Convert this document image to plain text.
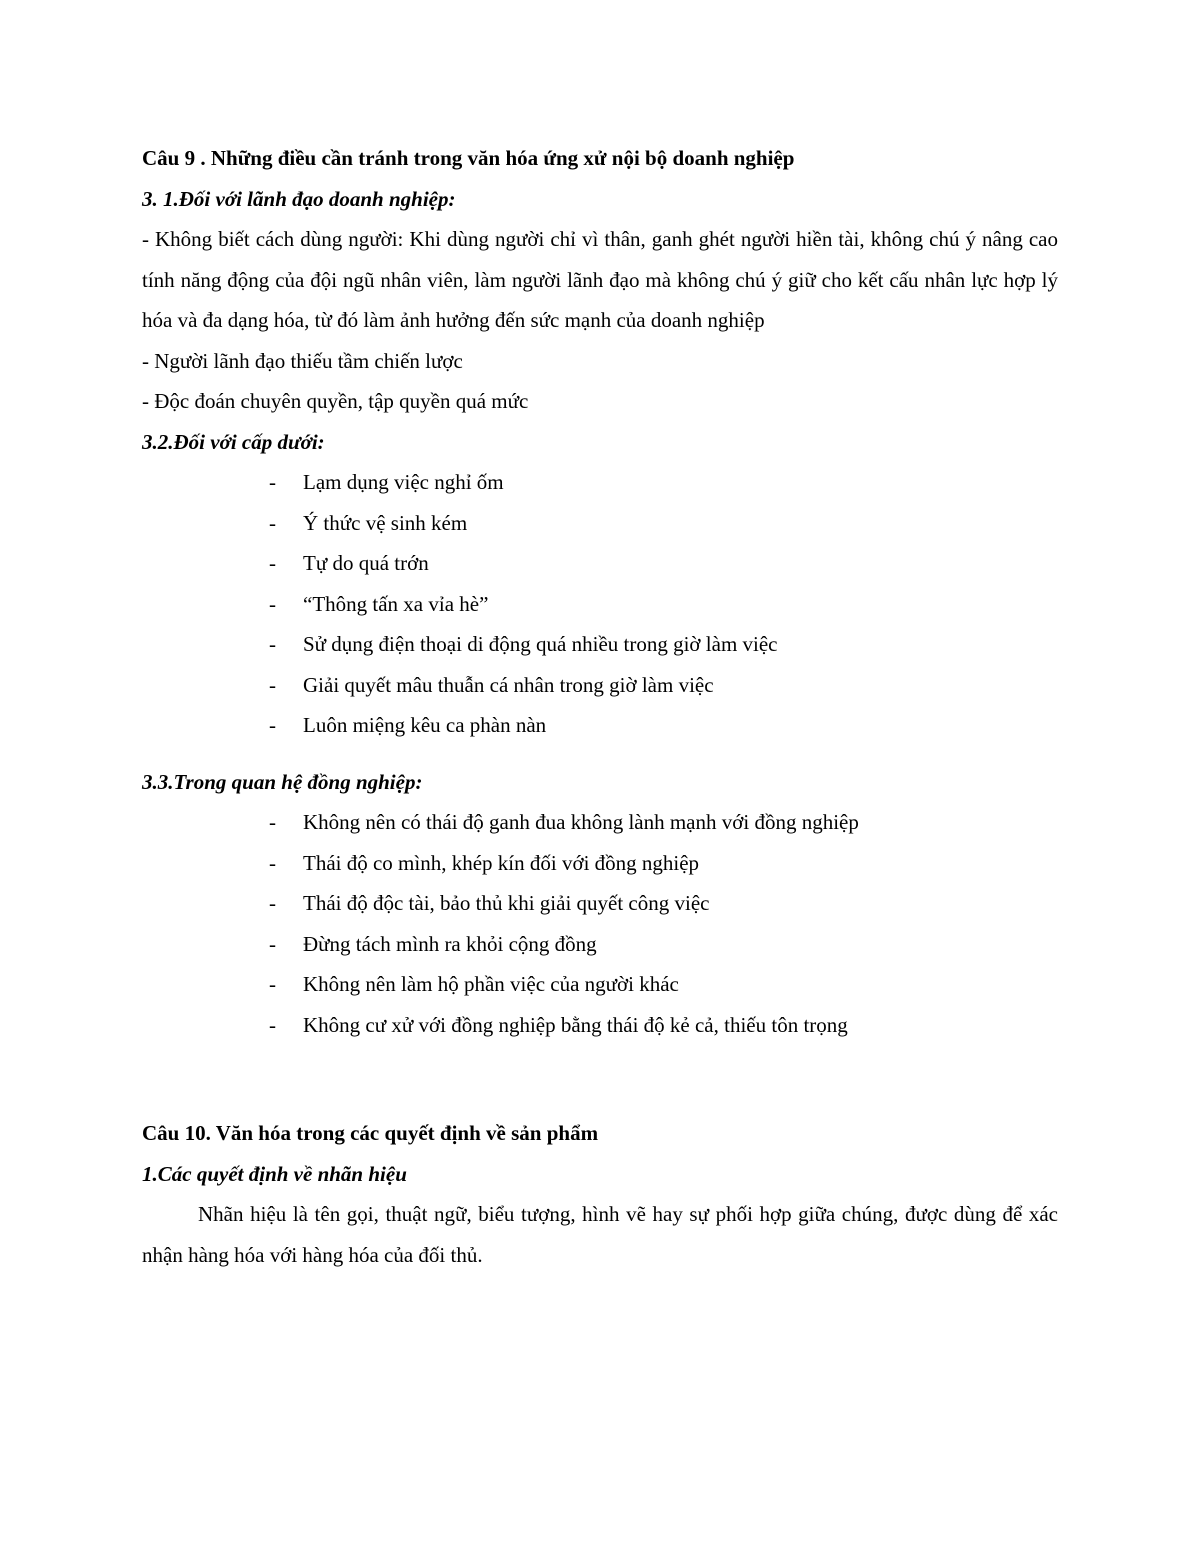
Câu 9 . Những điều cần tránh trong văn hóa ứng xử nội bộ doanh nghiệp

3. 1.Đối với lãnh đạo doanh nghiệp:

- Không biết cách dùng người: Khi dùng người chỉ vì thân, ganh ghét người hiền tài, không chú ý nâng cao tính năng động của đội ngũ nhân viên, làm người lãnh đạo mà không chú ý giữ cho kết cấu nhân lực hợp lý hóa và đa dạng hóa, từ đó làm ảnh hưởng đến sức mạnh của doanh nghiệp

- Người lãnh đạo thiếu tầm chiến lược

- Độc đoán chuyên quyền, tập quyền quá mức

3.2.Đối với cấp dưới:

- Lạm dụng việc nghỉ ốm
- Ý thức vệ sinh kém
- Tự do quá trớn
- “Thông tấn xa vỉa hè”
- Sử dụng điện thoại di động quá nhiều trong giờ làm việc
- Giải quyết mâu thuẫn cá nhân trong giờ làm việc
- Luôn miệng kêu ca phàn nàn

3.3.Trong quan hệ đồng nghiệp:

- Không nên có thái độ ganh đua không lành mạnh với đồng nghiệp
- Thái độ co mình, khép kín đối với đồng nghiệp
- Thái độ độc tài, bảo thủ khi giải quyết công việc
- Đừng tách mình ra khỏi cộng đồng
- Không nên làm hộ phần việc của người khác
- Không cư xử với đồng nghiệp bằng thái độ kẻ cả, thiếu tôn trọng

Câu 10. Văn hóa trong các quyết định về sản phẩm

1.Các quyết định về nhãn hiệu

Nhãn hiệu là tên gọi, thuật ngữ, biểu tượng, hình vẽ hay sự phối hợp giữa chúng, được dùng để xác nhận hàng hóa với hàng hóa của đối thủ.
